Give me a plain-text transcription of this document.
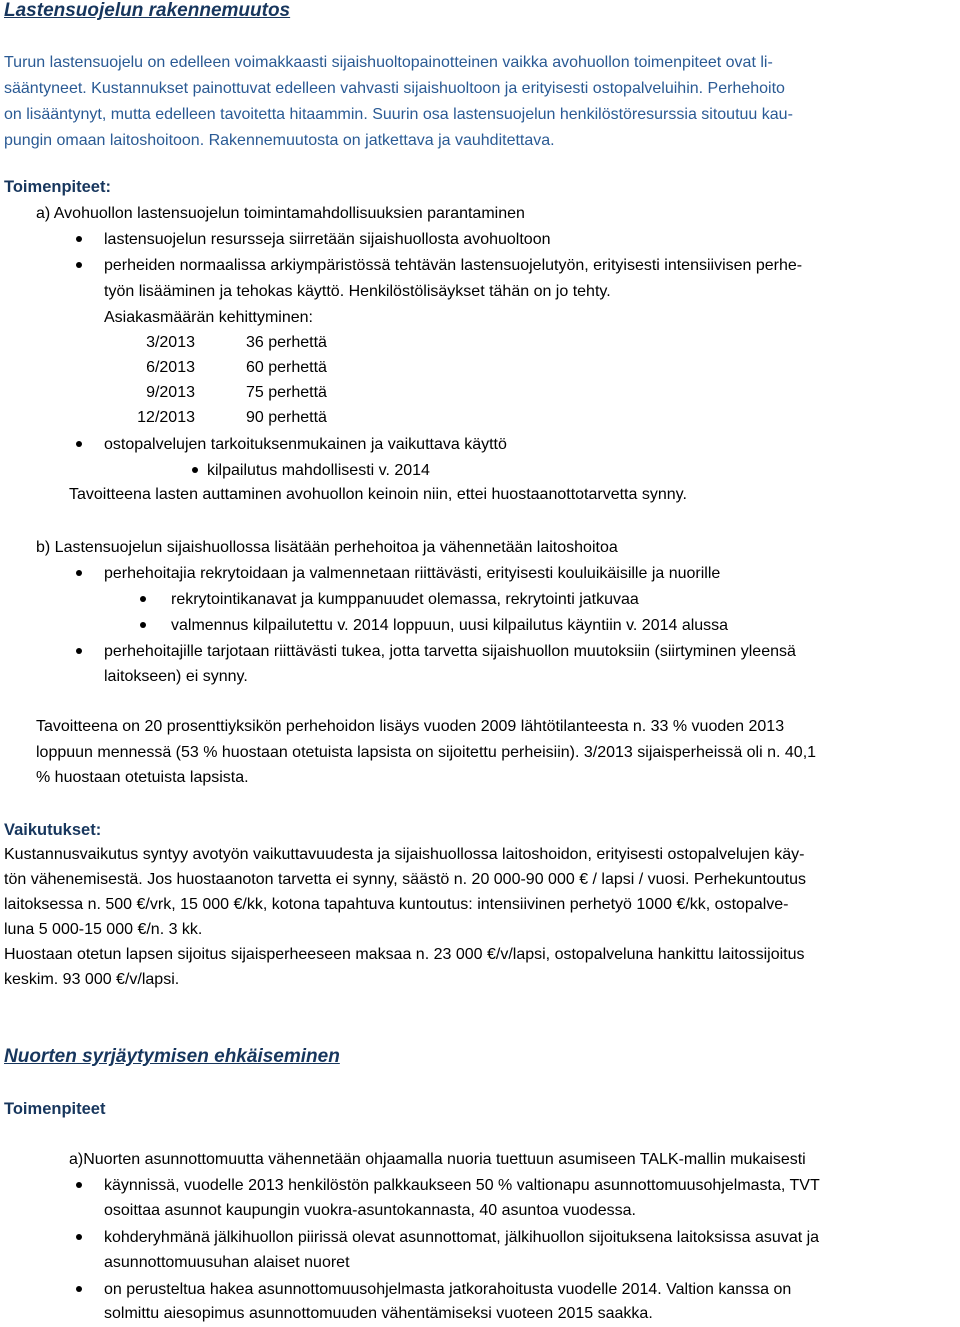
Lastensuojelun rakennemuutos
Turun lastensuojelu on edelleen voimakkaasti sijaishuoltopainotteinen vaikka avohuollon toimenpiteet ovat li-
sääntyneet. Kustannukset painottuvat edelleen vahvasti sijaishuoltoon ja erityisesti ostopalveluihin. Perhehoito
on lisääntynyt, mutta edelleen tavoitetta hitaammin. Suurin osa lastensuojelun henkilöstöresurssia sitoutuu kau-
pungin omaan laitoshoitoon. Rakennemuutosta on jatkettava ja vauhditettava.
Toimenpiteet:
a) Avohuollon lastensuojelun toimintamahdollisuuksien parantaminen
lastensuojelun resursseja siirretään sijaishuollosta avohuoltoon
perheiden normaalissa arkiympäristössä tehtävän lastensuojelutyön, erityisesti intensiivisen perhe-
työn lisääminen ja tehokas käyttö. Henkilöstölisäykset tähän on jo tehty.
Asiakasmäärän kehittyminen:
3/2013	36 perhettä
6/2013	60 perhettä
9/2013	75 perhettä
12/2013	90 perhettä
ostopalvelujen tarkoituksenmukainen ja vaikuttava käyttö
kilpailutus mahdollisesti v. 2014
Tavoitteena lasten auttaminen avohuollon keinoin niin, ettei huostaanottotarvetta synny.
b) Lastensuojelun sijaishuollossa lisätään perhehoitoa ja vähennetään laitoshoitoa
perhehoitajia rekrytoidaan ja valmennetaan riittävästi, erityisesti kouluikäisille ja nuorille
rekrytointikanavat ja kumppanuudet olemassa, rekrytointi jatkuvaa
valmennus kilpailutettu v. 2014 loppuun, uusi kilpailutus käyntiin v. 2014 alussa
perhehoitajille tarjotaan riittävästi tukea, jotta tarvetta sijaishuollon muutoksiin (siirtyminen yleensä
laitokseen) ei synny.
Tavoitteena on 20 prosenttiyksikön perhehoidon lisäys vuoden 2009 lähtötilanteesta n. 33 % vuoden 2013
loppuun mennessä (53 % huostaan otetuista lapsista on sijoitettu perheisiin). 3/2013 sijaisperheissä oli n. 40,1
% huostaan otetuista lapsista.
Vaikutukset:
Kustannusvaikutus syntyy avotyön vaikuttavuudesta ja sijaishuollossa laitoshoidon, erityisesti ostopalvelujen käy-
tön vähenemisestä. Jos huostaanoton tarvetta ei synny, säästö n. 20 000-90 000 € / lapsi / vuosi. Perhekuntoutus
laitoksessa n. 500 €/vrk, 15 000 €/kk, kotona tapahtuva kuntoutus: intensiivinen perhetyö 1000 €/kk, ostopalve-
luna 5 000-15 000 €/n. 3 kk.
Huostaan otetun lapsen sijoitus sijaisperheeseen maksaa n. 23 000 €/v/lapsi, ostopalveluna hankittu laitossijoitus
keskim. 93 000 €/v/lapsi.
Nuorten syrjäytymisen ehkäiseminen
Toimenpiteet
a)Nuorten asunnottomuutta vähennetään ohjaamalla nuoria tuettuun asumiseen TALK-mallin mukaisesti
käynnissä, vuodelle 2013 henkilöstön palkkaukseen 50 % valtionapu asunnottomuusohjelmasta, TVT
osoittaa asunnot kaupungin vuokra-asuntokannasta, 40 asuntoa vuodessa.
kohderyhmänä jälkihuollon piirissä olevat asunnottomat, jälkihuollon sijoituksena laitoksissa asuvat ja
asunnottomuusuhan alaiset nuoret
on perusteltua hakea asunnottomuusohjelmasta jatkorahoitusta vuodelle 2014. Valtion kanssa on
solmittu aiesopimus asunnottomuuden vähentämiseksi vuoteen 2015 saakka.
